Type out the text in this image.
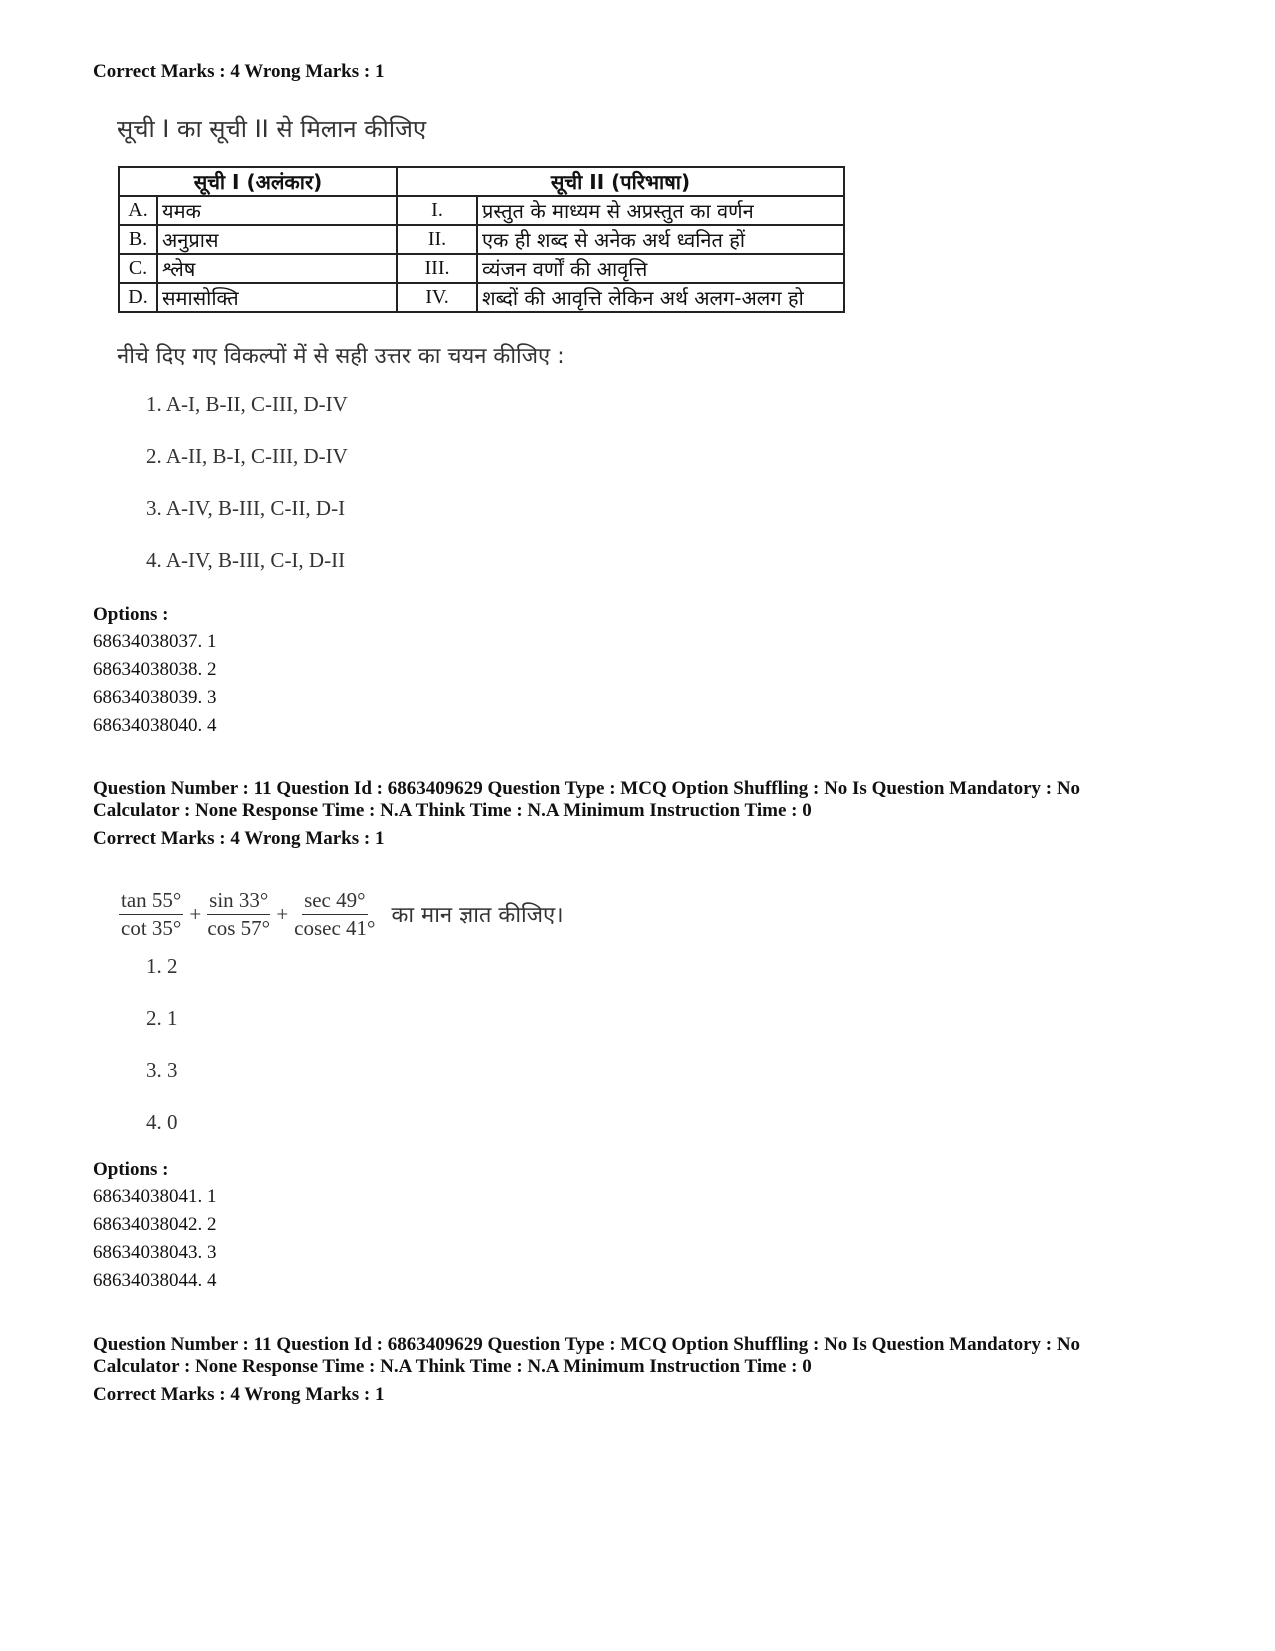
Correct Marks : 4 Wrong Marks : 1
सूची I का सूची II से मिलान कीजिए
सूची I (अलंकार)		सूची II (परिभाषा)	
A.	यमक	I.	प्रस्तुत के माध्यम से अप्रस्तुत का वर्णन
B.	अनुप्रास	II.	एक ही शब्द से अनेक अर्थ ध्वनित हों
C.	श्लेष	III.	व्यंजन वर्णों की आवृत्ति
D.	समासोक्ति	IV.	शब्दों की आवृत्ति लेकिन अर्थ अलग-अलग हो
नीचे दिए गए विकल्पों में से सही उत्तर का चयन कीजिए :
1. A-I, B-II, C-III, D-IV
2. A-II, B-I, C-III, D-IV
3. A-IV, B-III, C-II, D-I
4. A-IV, B-III, C-I, D-II
Options :
68634038037. 1
68634038038. 2
68634038039. 3
68634038040. 4
Question Number : 11 Question Id : 6863409629 Question Type : MCQ Option Shuffling : No Is Question Mandatory : No
Calculator : None Response Time : N.A Think Time : N.A Minimum Instruction Time : 0
Correct Marks : 4 Wrong Marks : 1
$\frac{\tan 55^\circ}{\cot 35^\circ} + \frac{\sin 33^\circ}{\cos 57^\circ} + \frac{\sec 49^\circ}{cosec 41^\circ}$ का मान ज्ञात कीजिए।
1. 2
2. 1
3. 3
4. 0
Options :
68634038041. 1
68634038042. 2
68634038043. 3
68634038044. 4
Question Number : 11 Question Id : 6863409629 Question Type : MCQ Option Shuffling : No Is Question Mandatory : No
Calculator : None Response Time : N.A Think Time : N.A Minimum Instruction Time : 0
Correct Marks : 4 Wrong Marks : 1
